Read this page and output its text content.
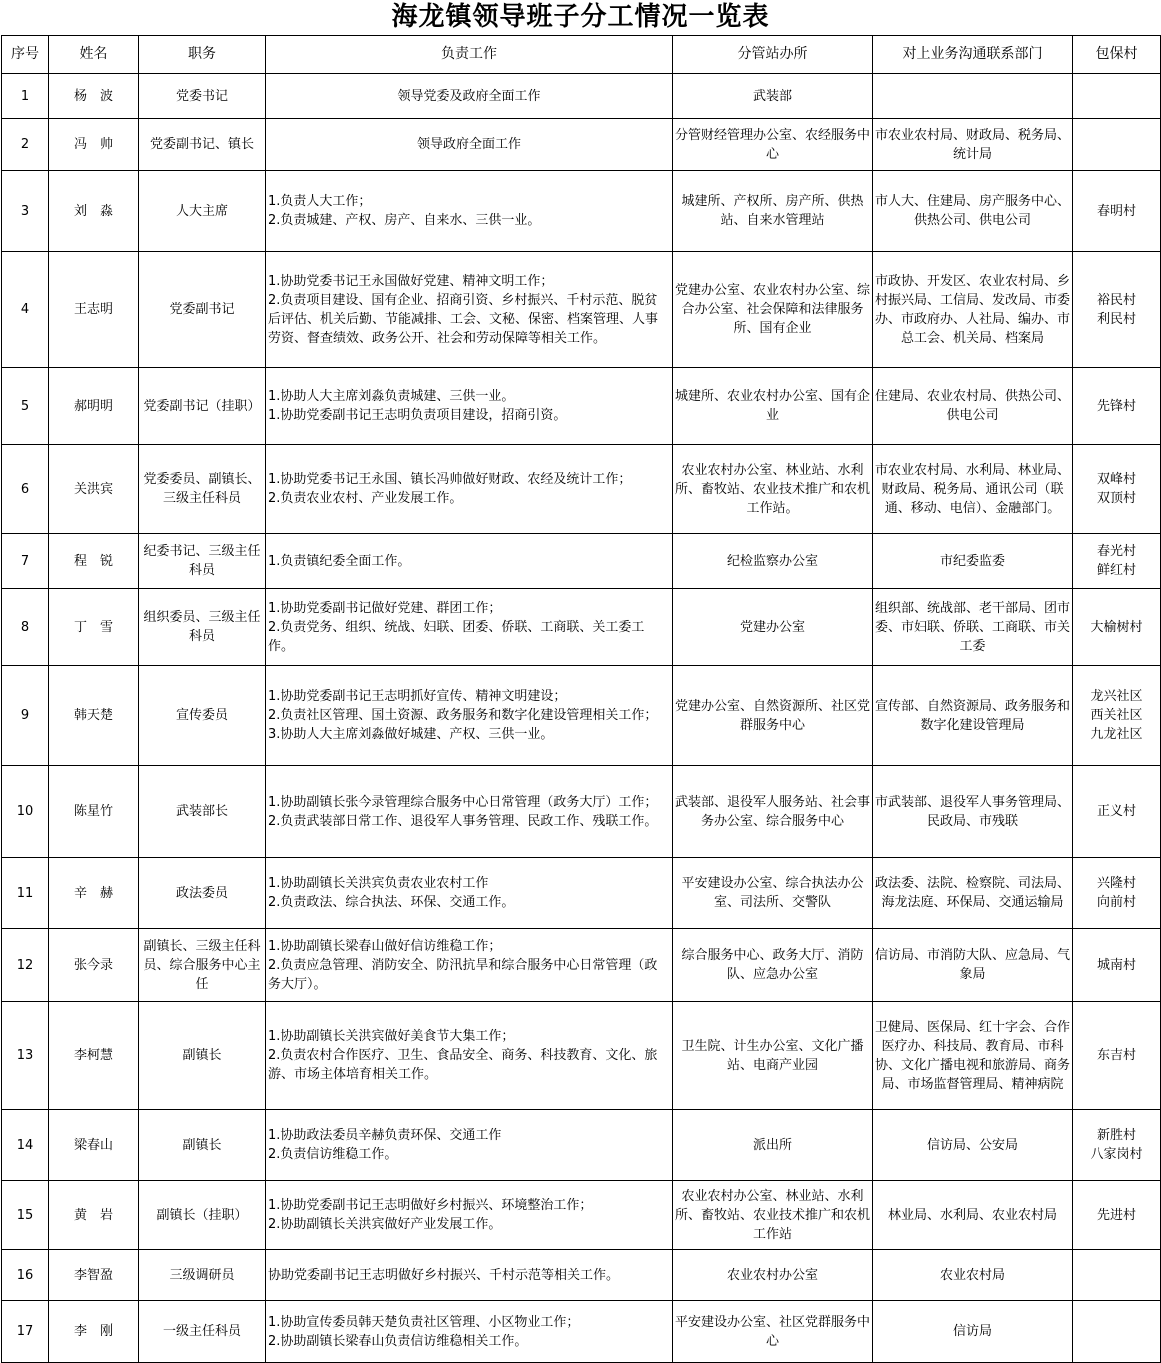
海龙镇领导班子分工情况一览表
序号	姓名	职务	负责工作	分管站办所	对上业务沟通联系部门	包保村
1	杨　波	党委书记	领导党委及政府全面工作	武装部		

2	冯　帅	党委副书记、镇长	领导政府全面工作	分管财经管理办公室、农经服务中心	市农业农村局、财政局、税务局、统计局	

3	刘　淼	人大主席	1.负责人大工作；
2.负责城建、产权、房产、自来水、三供一业。	城建所、产权所、房产所、供热站、自来水管理站	市人大、住建局、房产服务中心、供热公司、供电公司	春明村

4	王志明	党委副书记	1.协助党委书记王永国做好党建、精神文明工作；
2.负责项目建设、国有企业、招商引资、乡村振兴、千村示范、脱贫后评估、机关后勤、节能减排、工会、文秘、保密、档案管理、人事劳资、督查绩效、政务公开、社会和劳动保障等相关工作。	党建办公室、农业农村办公室、综合办公室、社会保障和法律服务所、国有企业	市政协、开发区、农业农村局、乡村振兴局、工信局、发改局、市委办、市政府办、人社局、编办、市总工会、机关局、档案局	裕民村
利民村

5	郝明明	党委副书记（挂职）	1.协助人大主席刘淼负责城建、三供一业。
1.协助党委副书记王志明负责项目建设，招商引资。	城建所、农业农村办公室、国有企业	住建局、农业农村局、供热公司、供电公司	先锋村

6	关洪宾	党委委员、副镇长、三级主任科员	1.协助党委书记王永国、镇长冯帅做好财政、农经及统计工作；
2.负责农业农村、产业发展工作。	农业农村办公室、林业站、水利所、畜牧站、农业技术推广和农机工作站。	市农业农村局、水利局、林业局、财政局、税务局、通讯公司（联通、移动、电信）、金融部门。	双峰村
双顶村

7	程　锐	纪委书记、三级主任科员	1.负责镇纪委全面工作。	纪检监察办公室	市纪委监委	春光村
鲜红村

8	丁　雪	组织委员、三级主任科员	1.协助党委副书记做好党建、群团工作；
2.负责党务、组织、统战、妇联、团委、侨联、工商联、关工委工作。	党建办公室	组织部、统战部、老干部局、团市委、市妇联、侨联、工商联、市关工委	大榆树村

9	韩天楚	宣传委员	1.协助党委副书记王志明抓好宣传、精神文明建设；
2.负责社区管理、国土资源、政务服务和数字化建设管理相关工作；
3.协助人大主席刘淼做好城建、产权、三供一业。	党建办公室、自然资源所、社区党群服务中心	宣传部、自然资源局、政务服务和数字化建设管理局	龙兴社区
西关社区
九龙社区

10	陈星竹	武装部长	1.协助副镇长张今录管理综合服务中心日常管理（政务大厅）工作；
2.负责武装部日常工作、退役军人事务管理、民政工作、残联工作。	武装部、退役军人服务站、社会事务办公室、综合服务中心	市武装部、退役军人事务管理局、民政局、市残联	正义村

11	辛　赫	政法委员	1.协助副镇长关洪宾负责农业农村工作
2.负责政法、综合执法、环保、交通工作。	平安建设办公室、综合执法办公室、司法所、交警队	政法委、法院、检察院、司法局、海龙法庭、环保局、交通运输局	兴隆村
向前村

12	张今录	副镇长、三级主任科员、综合服务中心主任	1.协助副镇长梁春山做好信访维稳工作；
2.负责应急管理、消防安全、防汛抗旱和综合服务中心日常管理（政务大厅）。	综合服务中心、政务大厅、消防队、应急办公室	信访局、市消防大队、应急局、气象局	城南村

13	李柯慧	副镇长	1.协助副镇长关洪宾做好美食节大集工作；
2.负责农村合作医疗、卫生、食品安全、商务、科技教育、文化、旅游、市场主体培育相关工作。	卫生院、计生办公室、文化广播站、电商产业园	卫健局、医保局、红十字会、合作医疗办、科技局、教育局、市科协、文化广播电视和旅游局、商务局、市场监督管理局、精神病院	东吉村

14	梁春山	副镇长	1.协助政法委员辛赫负责环保、交通工作
2.负责信访维稳工作。	派出所	信访局、公安局	新胜村
八家岗村

15	黄　岩	副镇长（挂职）	1.协助党委副书记王志明做好乡村振兴、环境整治工作；
2.协助副镇长关洪宾做好产业发展工作。	农业农村办公室、林业站、水利所、畜牧站、农业技术推广和农机工作站	林业局、水利局、农业农村局	先进村

16	李智盈	三级调研员	协助党委副书记王志明做好乡村振兴、千村示范等相关工作。	农业农村办公室	农业农村局	

17	李　刚	一级主任科员	1.协助宣传委员韩天楚负责社区管理、小区物业工作；
2.协助副镇长梁春山负责信访维稳相关工作。	平安建设办公室、社区党群服务中心	信访局	
